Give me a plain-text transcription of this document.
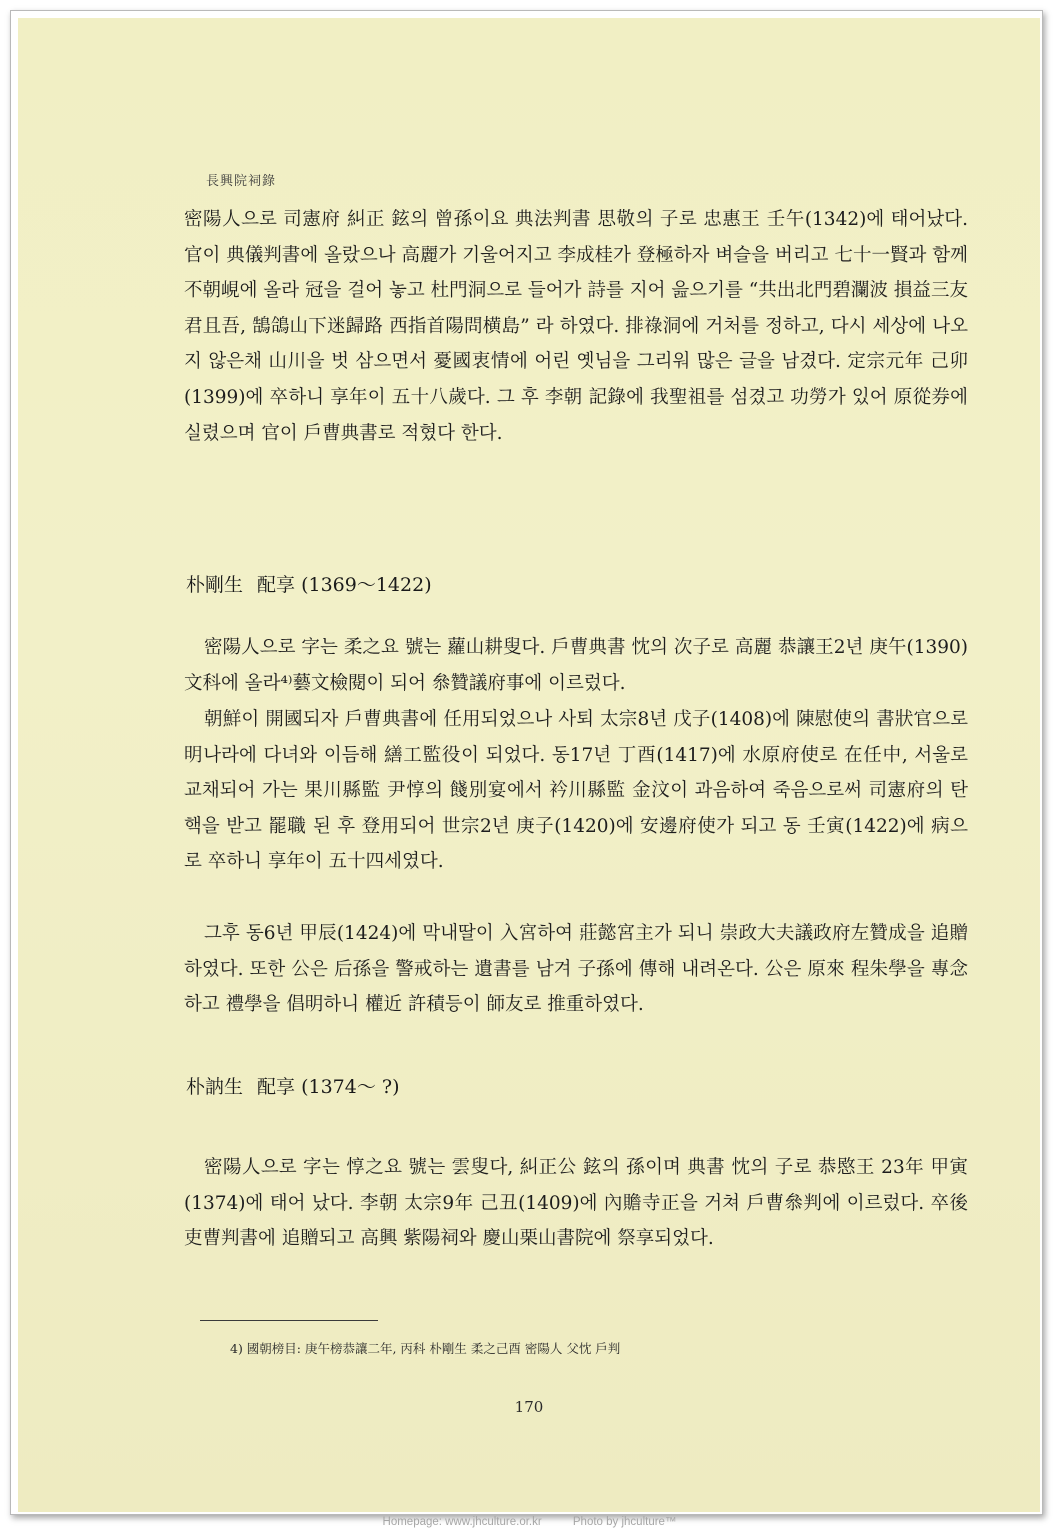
長興院祠錄

密陽人으로 司憲府 糾正 鉉의 曾孫이요 典法判書 思敬의 子로 忠惠王 壬午(1342)에 태어났다. 官이 典儀判書에 올랐으나 高麗가 기울어지고 李成桂가 登極하자 벼슬을 버리고 七十一賢과 함께 不朝峴에 올라 冠을 걸어 놓고 杜門洞으로 들어가 詩를 지어 읊으기를 “共出北門碧瀾波 損益三友君且吾, 鵠鴿山下迷歸路 西指首陽問横島” 라 하였다. 排祿洞에 거처를 정하고, 다시 세상에 나오지 않은채 山川을 벗 삼으면서 憂國衷情에 어린 옛님을 그리워 많은 글을 남겼다. 定宗元年 己卯(1399)에 卒하니 享年이 五十八歲다. 그 후 李朝 記錄에 我聖祖를 섬겼고 功勞가 있어 原從券에 실렸으며 官이 戶曹典書로 적혔다 한다.

朴剛生 配享 (1369～1422)

密陽人으로 字는 柔之요 號는 蘿山耕叟다. 戶曹典書 忱의 次子로 高麗 恭讓王2년 庚午(1390) 文科에 올라⁴⁾藝文檢閱이 되어 叅贊議府事에 이르렀다.

朝鮮이 開國되자 戶曹典書에 任用되었으나 사퇴 太宗8년 戊子(1408)에 陳慰使의 書狀官으로 明나라에 다녀와 이듬해 繕工監役이 되었다. 동17년 丁酉(1417)에 水原府使로 在任中, 서울로 교채되어 가는 果川縣監 尹惇의 餞別宴에서 衿川縣監 金汶이 과음하여 죽음으로써 司憲府의 탄핵을 받고 罷職 된 후 登用되어 世宗2년 庚子(1420)에 安邊府使가 되고 동 壬寅(1422)에 病으로 卒하니 享年이 五十四세였다.

그후 동6년 甲辰(1424)에 막내딸이 入宮하여 莊懿宮主가 되니 崇政大夫議政府左贊成을 追贈하였다. 또한 公은 后孫을 警戒하는 遺書를 남겨 子孫에 傳해 내려온다. 公은 原來 程朱學을 專念하고 禮學을 倡明하니 權近 許積등이 師友로 推重하였다.

朴訥生 配享 (1374～ ?)

密陽人으로 字는 惇之요 號는 雲叟다, 糾正公 鉉의 孫이며 典書 忱의 子로 恭愍王 23年 甲寅(1374)에 태어 났다. 李朝 太宗9年 己丑(1409)에 內贍寺正을 거쳐 戶曹叅判에 이르렀다. 卒後 吏曹判書에 追贈되고 高興 紫陽祠와 慶山栗山書院에 祭享되었다.

4) 國朝榜目: 庚午榜恭讓二年, 丙科 朴剛生 柔之己酉 密陽人 父忱 戶判

170
Homepage: www.jhculture.or.kr	Photo by jhculture™
